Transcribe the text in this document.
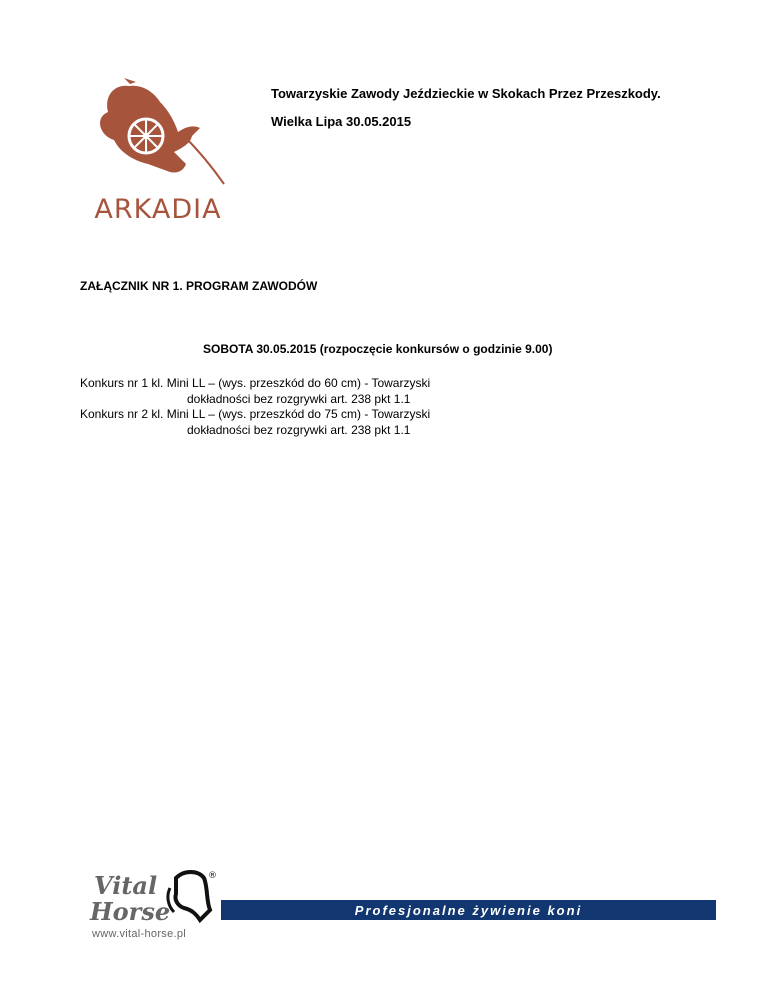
ARKADIA
Towarzyskie Zawody Jeździeckie w Skokach Przez Przeszkody.
Wielka Lipa 30.05.2015
ZAŁĄCZNIK NR 1. PROGRAM ZAWODÓW
SOBOTA 30.05.2015 (rozpoczęcie konkursów o godzinie 9.00)
Konkurs nr 1 kl. Mini LL – (wys. przeszkód do 60 cm) - Towarzyski
dokładności bez rozgrywki art. 238 pkt 1.1
Konkurs nr 2 kl. Mini LL – (wys. przeszkód do 75 cm) - Towarzyski
dokładności bez rozgrywki art. 238 pkt 1.1
Vital
Horse
®
www.vital-horse.pl
Profesjonalne żywienie koni
